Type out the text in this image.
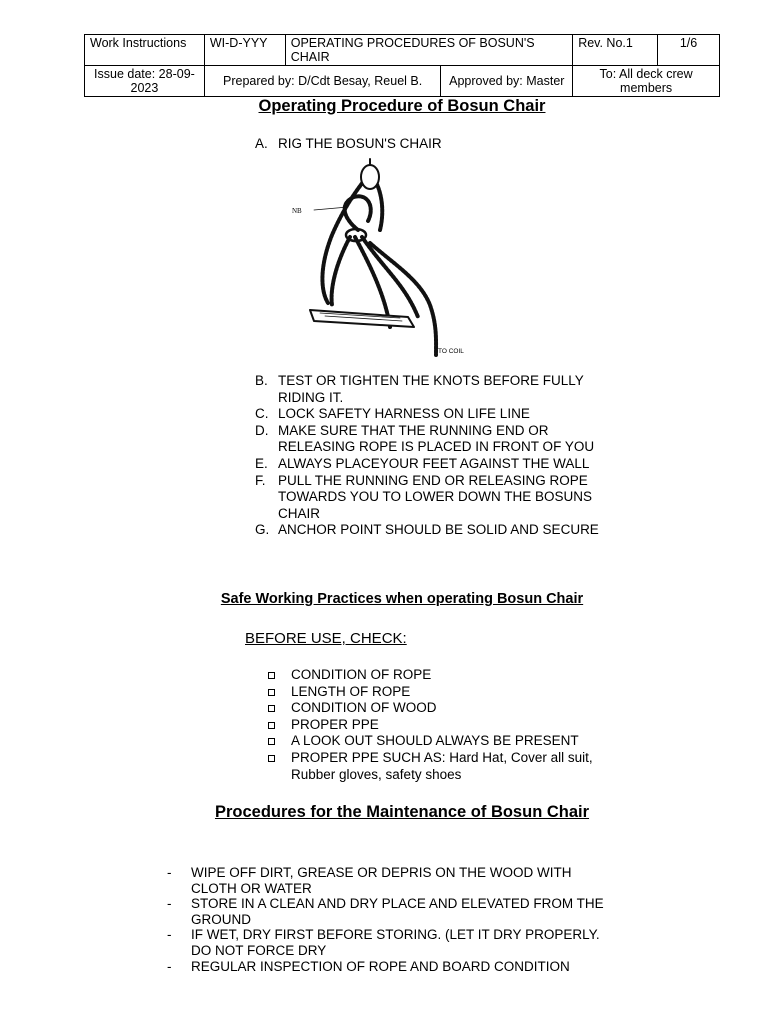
Work Instructions	WI-D-YYY	OPERATING PROCEDURES OF BOSUN'S CHAIR		Rev. No.1	1/6
Issue date: 28-09-2023	Prepared by: D/Cdt Besay, Reuel B.		Approved by: Master	To: All deck crew members	
Operating Procedure of Bosun Chair
A. RIG THE BOSUN'S CHAIR
NB
TO COIL
B. TEST OR TIGHTEN THE KNOTS BEFORE FULLY RIDING IT.
C. LOCK SAFETY HARNESS ON LIFE LINE
D. MAKE SURE THAT THE RUNNING END OR RELEASING ROPE IS PLACED IN FRONT OF YOU
E. ALWAYS PLACEYOUR FEET AGAINST THE WALL
F. PULL THE RUNNING END OR RELEASING ROPE TOWARDS YOU TO LOWER DOWN THE BOSUNS CHAIR
G. ANCHOR POINT SHOULD BE SOLID AND SECURE
Safe Working Practices when operating Bosun Chair
BEFORE USE, CHECK:
CONDITION OF ROPE
LENGTH OF ROPE
CONDITION OF WOOD
PROPER PPE
A LOOK OUT SHOULD ALWAYS BE PRESENT
PROPER PPE SUCH AS: Hard Hat, Cover all suit, Rubber gloves, safety shoes
Procedures for the Maintenance of Bosun Chair
- WIPE OFF DIRT, GREASE OR DEPRIS ON THE WOOD WITH CLOTH OR WATER
- STORE IN A CLEAN AND DRY PLACE AND ELEVATED FROM THE GROUND
- IF WET, DRY FIRST BEFORE STORING. (LET IT DRY PROPERLY. DO NOT FORCE DRY
- REGULAR INSPECTION OF ROPE AND BOARD CONDITION
